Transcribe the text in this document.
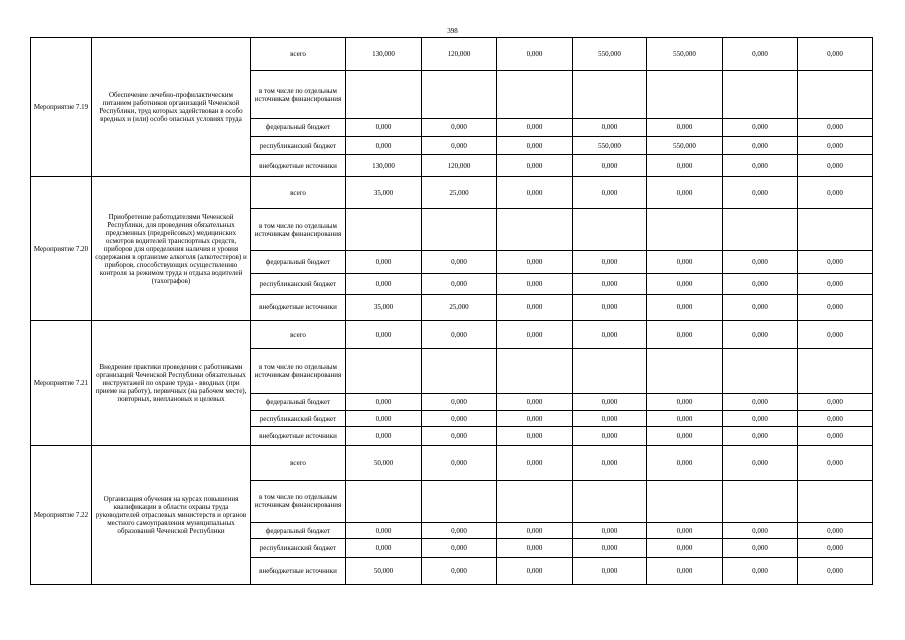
398
Мероприятие 7.19	Обеспечение лечебно-профилактическим питанием работников организаций Чеченской Республики, труд которых задействован в особо вредных и (или) особо опасных условиях труда	всего	130,000	120,000	0,000	550,000	550,000	0,000	0,000
		в том числе по отдельным источникам финансирования							
		федеральный бюджет	0,000	0,000	0,000	0,000	0,000	0,000	0,000
		республиканский бюджет	0,000	0,000	0,000	550,000	550,000	0,000	0,000
		внебюджетные источники	130,000	120,000	0,000	0,000	0,000	0,000	0,000
Мероприятие 7.20	Приобретение работодателями Чеченской Республики, для проведения обязательных предсменных (предрейсовых) медицинских осмотров водителей транспортных средств, приборов для определения наличия и уровня содержания в организме алкоголя (алкотестеров) и приборов, способствующих осуществлению контроля за режимом труда и отдыха водителей (тахографов)	всего	35,000	25,000	0,000	0,000	0,000	0,000	0,000
		в том числе по отдельным источникам финансирования							
		федеральный бюджет	0,000	0,000	0,000	0,000	0,000	0,000	0,000
		республиканский бюджет	0,000	0,000	0,000	0,000	0,000	0,000	0,000
		внебюджетные источники	35,000	25,000	0,000	0,000	0,000	0,000	0,000
Мероприятие 7.21	Внедрение практики проведения с работниками организаций Чеченской Республики обязательных инструктажей по охране труда - вводных (при приеме на работу), первичных (на рабочем месте), повторных, внеплановых и целевых	всего	0,000	0,000	0,000	0,000	0,000	0,000	0,000
		в том числе по отдельным источникам финансирования							
		федеральный бюджет	0,000	0,000	0,000	0,000	0,000	0,000	0,000
		республиканский бюджет	0,000	0,000	0,000	0,000	0,000	0,000	0,000
		внебюджетные источники	0,000	0,000	0,000	0,000	0,000	0,000	0,000
Мероприятие 7.22	Организация обучения на курсах повышения квалификации в области охраны труда руководителей отраслевых министерств и органов местного самоуправления муниципальных образований Чеченской Республики	всего	50,000	0,000	0,000	0,000	0,000	0,000	0,000
		в том числе по отдельным источникам финансирования							
		федеральный бюджет	0,000	0,000	0,000	0,000	0,000	0,000	0,000
		республиканский бюджет	0,000	0,000	0,000	0,000	0,000	0,000	0,000
		внебюджетные источники	50,000	0,000	0,000	0,000	0,000	0,000	0,000
